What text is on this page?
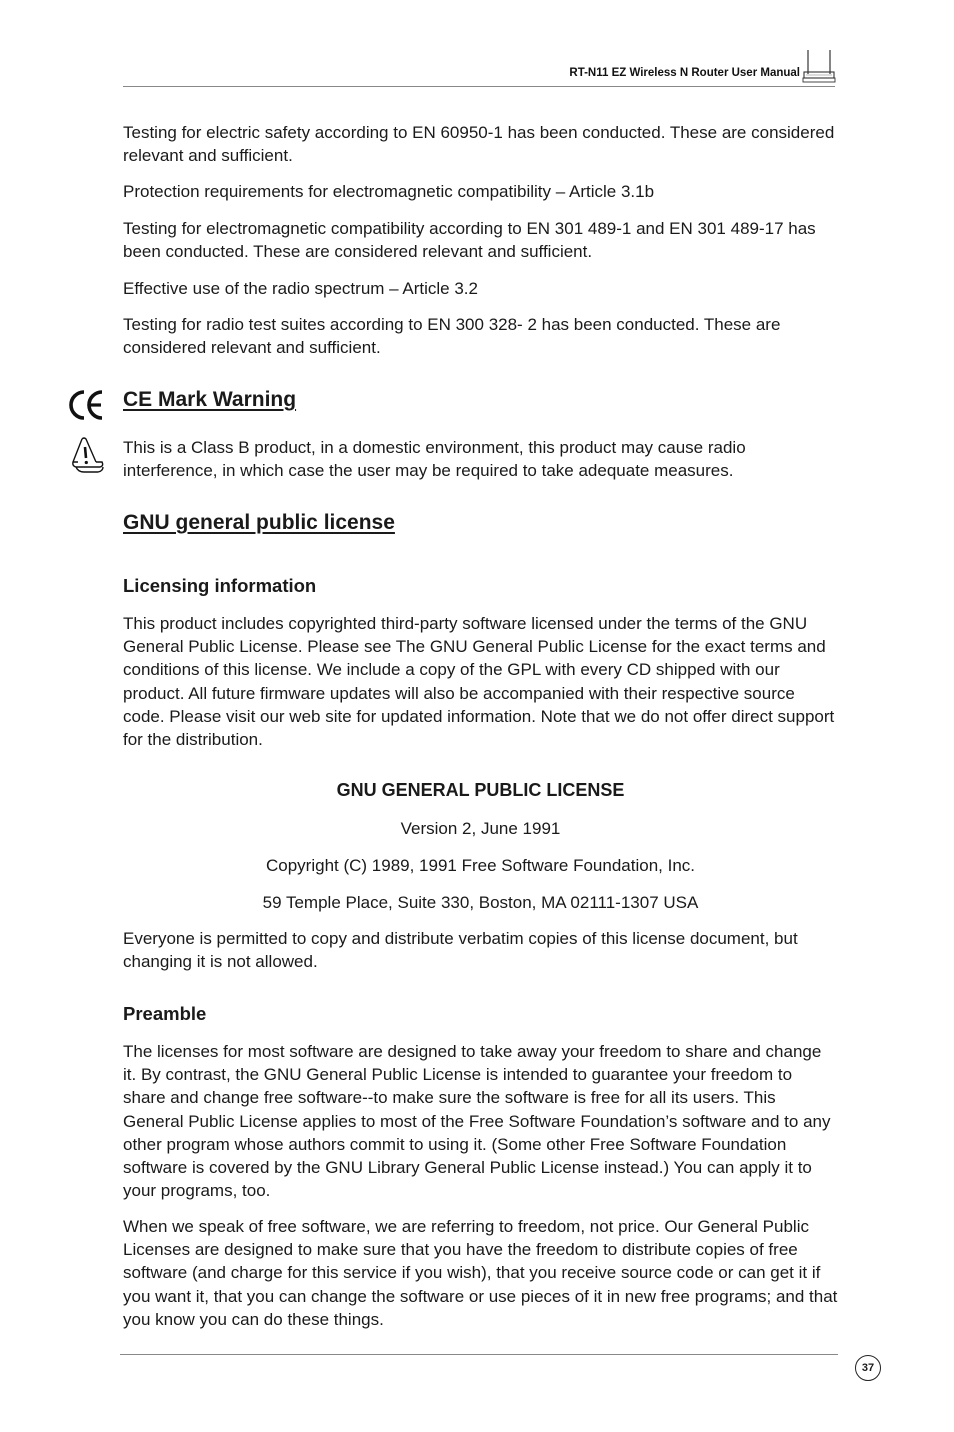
RT-N11 EZ Wireless N Router User Manual

Testing for electric safety according to EN 60950-1 has been conducted. These are considered relevant and sufficient.

Protection requirements for electromagnetic compatibility – Article 3.1b

Testing for electromagnetic compatibility according to EN 301 489-1 and EN 301 489-17 has been conducted. These are considered relevant and sufficient.

Effective use of the radio spectrum – Article 3.2

Testing for radio test suites according to EN 300 328- 2 has been conducted. These are considered relevant and sufficient.

CE Mark Warning

This is a Class B product, in a domestic environment, this product may cause radio interference, in which case the user may be required to take adequate measures.

GNU general public license
Licensing information

This product includes copyrighted third-party software licensed under the terms of the GNU General Public License. Please see The GNU General Public License for the exact terms and conditions of this license. We include a copy of the GPL with every CD shipped with our product. All future firmware updates will also be accompanied with their respective source code. Please visit our web site for updated information. Note that we do not offer direct support for the distribution.

GNU GENERAL PUBLIC LICENSE

Version 2, June 1991

Copyright (C) 1989, 1991 Free Software Foundation, Inc.

59 Temple Place, Suite 330, Boston, MA 02111-1307 USA

Everyone is permitted to copy and distribute verbatim copies of this license document, but changing it is not allowed.

Preamble

The licenses for most software are designed to take away your freedom to share and change it. By contrast, the GNU General Public License is intended to guarantee your freedom to share and change free software--to make sure the software is free for all its users. This General Public License applies to most of the Free Software Foundation’s software and to any other program whose authors commit to using it. (Some other Free Software Foundation software is covered by the GNU Library General Public License instead.) You can apply it to your programs, too.

When we speak of free software, we are referring to freedom, not price. Our General Public Licenses are designed to make sure that you have the freedom to distribute copies of free software (and charge for this service if you wish), that you receive source code or can get it if you want it, that you can change the software or use pieces of it in new free programs; and that you know you can do these things.

37
